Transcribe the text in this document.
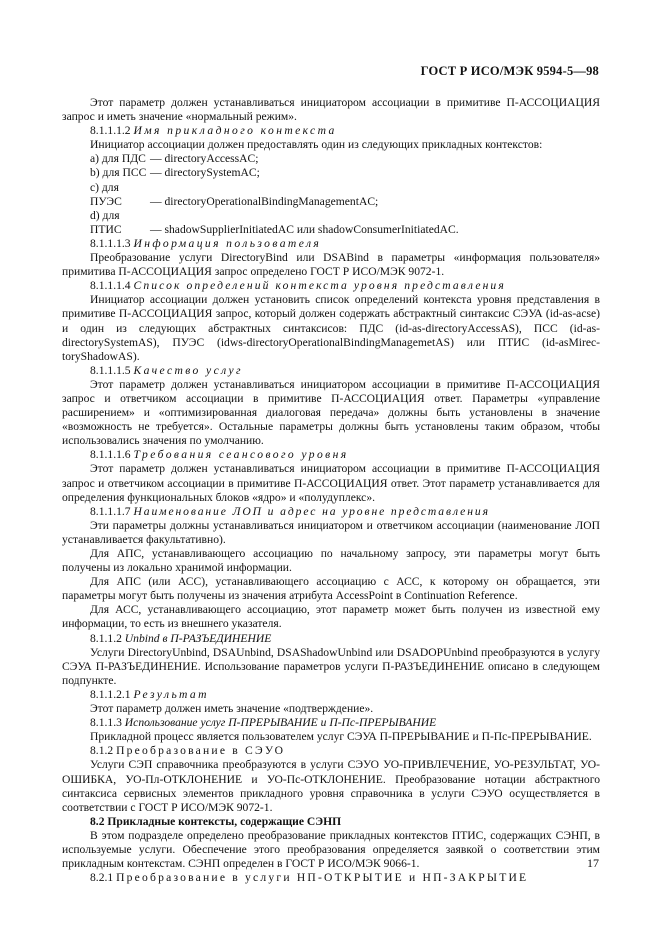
ГОСТ Р ИСО/МЭК 9594-5—98

Этот параметр должен устанавливаться инициатором ассоциации в примитиве П-АССОЦИАЦИЯ запрос и иметь значение «нормальный режим».

8.1.1.1.2 Имя прикладного контекста

Инициатор ассоциации должен предоставлять один из следующих прикладных контекстов:

a) для ПДС — directoryAccessAC;

b) для ПСС — directorySystemAC;

c) для ПУЭС — directoryOperationalBindingManagementAC;

d) для ПТИС — shadowSupplierInitiatedAC или shadowConsumerInitiatedAC.

8.1.1.1.3 Информация пользователя

Преобразование услуги DirectoryBind или DSABind в параметры «информация пользователя» примитива П-АССОЦИАЦИЯ запрос определено ГОСТ Р ИСО/МЭК 9072-1.

8.1.1.1.4 Список определений контекста уровня представления

Инициатор ассоциации должен установить список определений контекста уровня представления в примитиве П-АССОЦИАЦИЯ запрос, который должен содержать абстрактный синтаксис СЭУА (id-as-acse) и один из следующих абстрактных синтаксисов: ПДС (id-as-directoryAccessAS), ПСС (id-as-directorySystemAS), ПУЭС (idws-directoryOperationalBindingManagemetAS) или ПТИС (id-asMirec-toryShadowAS).

8.1.1.1.5 Качество услуг

Этот параметр должен устанавливаться инициатором ассоциации в примитиве П-АССОЦИАЦИЯ запрос и ответчиком ассоциации в примитиве П-АССОЦИАЦИЯ ответ. Параметры «управление расширением» и «оптимизированная диалоговая передача» должны быть установлены в значение «возможность не требуется». Остальные параметры должны быть установлены таким образом, чтобы использовались значения по умолчанию.

8.1.1.1.6 Требования сеансового уровня

Этот параметр должен устанавливаться инициатором ассоциации в примитиве П-АССОЦИАЦИЯ запрос и ответчиком ассоциации в примитиве П-АССОЦИАЦИЯ ответ. Этот параметр устанавливается для определения функциональных блоков «ядро» и «полудуплекс».

8.1.1.1.7 Наименование ЛОП и адрес на уровне представления

Эти параметры должны устанавливаться инициатором и ответчиком ассоциации (наименование ЛОП устанавливается факультативно).

Для АПС, устанавливающего ассоциацию по начальному запросу, эти параметры могут быть получены из локально хранимой информации.

Для АПС (или АСС), устанавливающего ассоциацию с АСС, к которому он обращается, эти параметры могут быть получены из значения атрибута AccessPoint в Continuation Reference.

Для АСС, устанавливающего ассоциацию, этот параметр может быть получен из известной ему информации, то есть из внешнего указателя.

8.1.1.2 Unbind в П-РАЗЪЕДИНЕНИЕ

Услуги DirectoryUnbind, DSAUnbind, DSAShadowUnbind или DSADOPUnbind преобразуются в услугу СЭУА П-РАЗЪЕДИНЕНИЕ. Использование параметров услуги П-РАЗЪЕДИНЕНИЕ описано в следующем подпункте.

8.1.1.2.1 Результат

Этот параметр должен иметь значение «подтверждение».

8.1.1.3 Использование услуг П-ПРЕРЫВАНИЕ и П-Пс-ПРЕРЫВАНИЕ

Прикладной процесс является пользователем услуг СЭУА П-ПРЕРЫВАНИЕ и П-Пс-ПРЕРЫВАНИЕ.

8.1.2 Преобразование в СЭУО

Услуги СЭП справочника преобразуются в услуги СЭУО УО-ПРИВЛЕЧЕНИЕ, УО-РЕЗУЛЬТАТ, УО-ОШИБКА, УО-Пл-ОТКЛОНЕНИЕ и УО-Пс-ОТКЛОНЕНИЕ. Преобразование нотации абстрактного синтаксиса сервисных элементов прикладного уровня справочника в услуги СЭУО осуществляется в соответствии с ГОСТ Р ИСО/МЭК 9072-1.

8.2 Прикладные контексты, содержащие СЭНП

В этом подразделе определено преобразование прикладных контекстов ПТИС, содержащих СЭНП, в используемые услуги. Обеспечение этого преобразования определяется заявкой о соответствии этим прикладным контекстам. СЭНП определен в ГОСТ Р ИСО/МЭК 9066-1.

8.2.1 Преобразование в услуги НП-ОТКРЫТИЕ и НП-ЗАКРЫТИЕ

17
